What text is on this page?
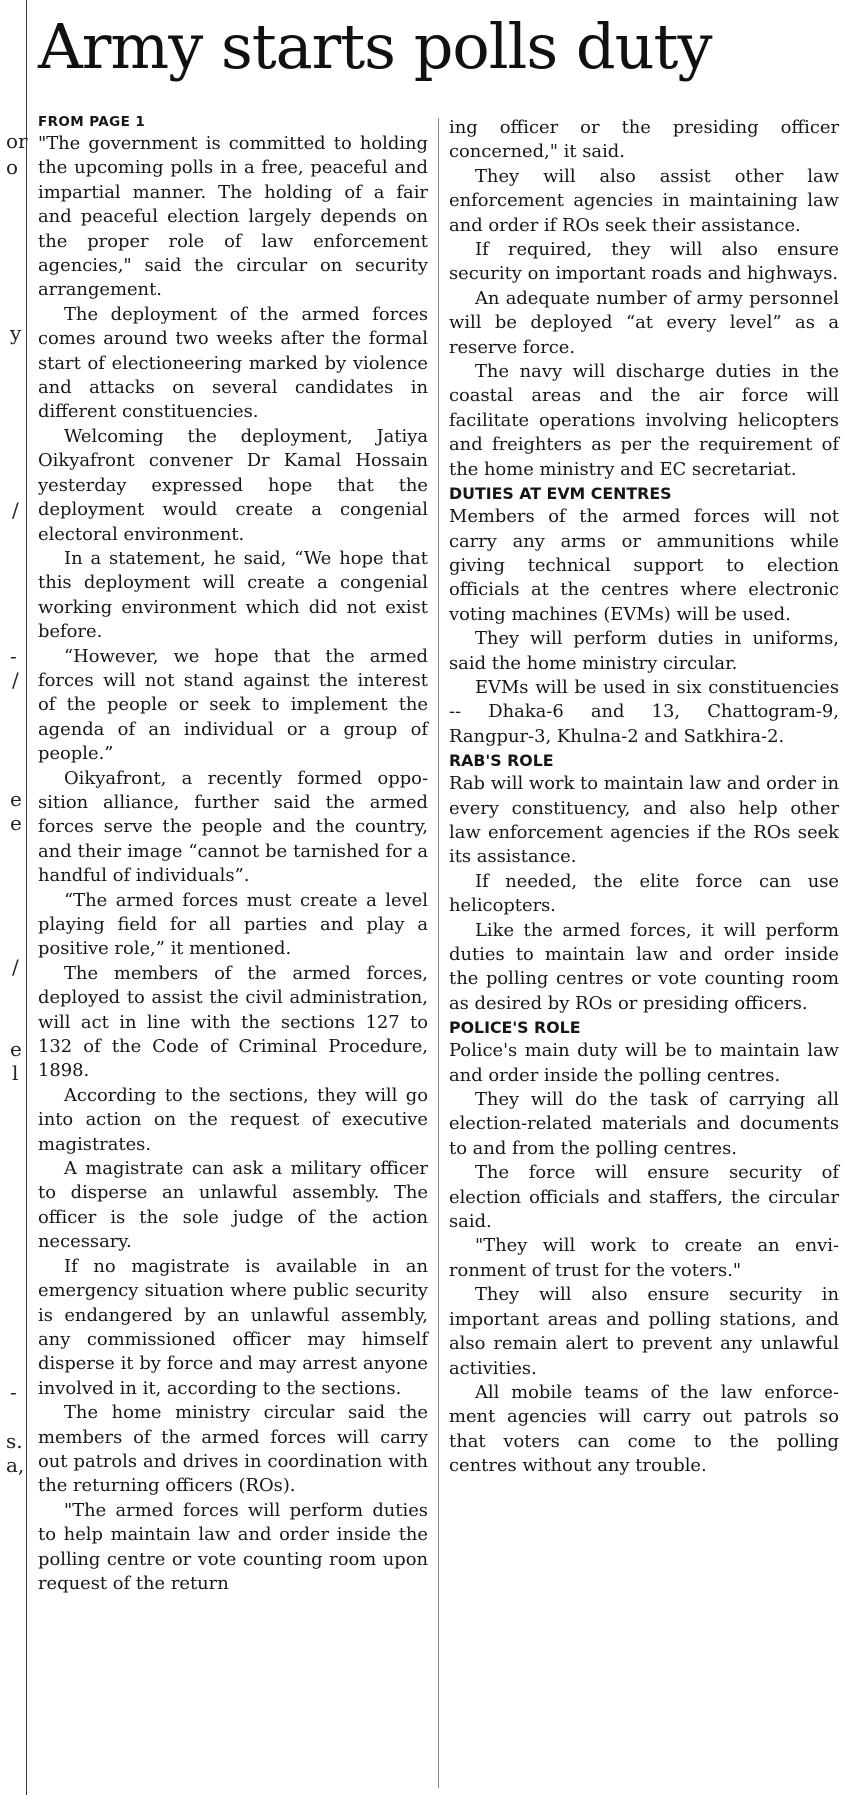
or
o
y
/
-
/
e
e
/
e
l
-
s.
a,
Army starts polls duty
FROM PAGE 1

"The government is committed to holding the upcoming polls in a free, peaceful and impartial manner. The holding of a fair and peaceful election largely depends on the proper role of law enforcement agencies," said the circular on security arrangement.

The deployment of the armed forces comes around two weeks after the formal start of electioneering marked by violence and attacks on several candidates in different constituencies.

Welcoming the deployment, Jatiya Oikyafront convener Dr Kamal Hossain yesterday expressed hope that the deployment would create a congenial electoral environment.

In a statement, he said, “We hope that this deployment will create a congenial working environment which did not exist before.

“However, we hope that the armed forces will not stand against the interest of the people or seek to implement the agenda of an individual or a group of people.”

Oikyafront, a recently formed opposition alliance, further said the armed forces serve the people and the country, and their image “cannot be tarnished for a handful of individuals”.

“The armed forces must create a level playing field for all parties and play a positive role,” it mentioned.

The members of the armed forces, deployed to assist the civil administration, will act in line with the sections 127 to 132 of the Code of Criminal Procedure, 1898.

According to the sections, they will go into action on the request of executive magistrates.

A magistrate can ask a military officer to disperse an unlawful assembly. The officer is the sole judge of the action necessary.

If no magistrate is available in an emergency situation where public security is endangered by an unlawful assembly, any commissioned officer may himself disperse it by force and may arrest anyone involved in it, according to the sections.

The home ministry circular said the members of the armed forces will carry out patrols and drives in coordination with the returning officers (ROs).

"The armed forces will perform duties to help maintain law and order inside the polling centre or vote counting room upon request of the return

ing officer or the presiding officer concerned," it said.

They will also assist other law enforcement agencies in maintaining law and order if ROs seek their assistance.

If required, they will also ensure security on important roads and highways.

An adequate number of army personnel will be deployed “at every level” as a reserve force.

The navy will discharge duties in the coastal areas and the air force will facilitate operations involving helicopters and freighters as per the requirement of the home ministry and EC secretariat.

DUTIES AT EVM CENTRES

Members of the armed forces will not carry any arms or ammunitions while giving technical support to election officials at the centres where electronic voting machines (EVMs) will be used.

They will perform duties in uniforms, said the home ministry circular.

EVMs will be used in six constituencies -- Dhaka-6 and 13, Chattogram-9, Rangpur-3, Khulna-2 and Satkhira-2.

RAB'S ROLE

Rab will work to maintain law and order in every constituency, and also help other law enforcement agencies if the ROs seek its assistance.

If needed, the elite force can use helicopters.

Like the armed forces, it will perform duties to maintain law and order inside the polling centres or vote counting room as desired by ROs or presiding officers.

POLICE'S ROLE

Police's main duty will be to maintain law and order inside the polling centres.

They will do the task of carrying all election-related materials and documents to and from the polling centres.

The force will ensure security of election officials and staffers, the circular said.

"They will work to create an environment of trust for the voters."

They will also ensure security in important areas and polling stations, and also remain alert to prevent any unlawful activities.

All mobile teams of the law enforcement agencies will carry out patrols so that voters can come to the polling centres without any trouble.
